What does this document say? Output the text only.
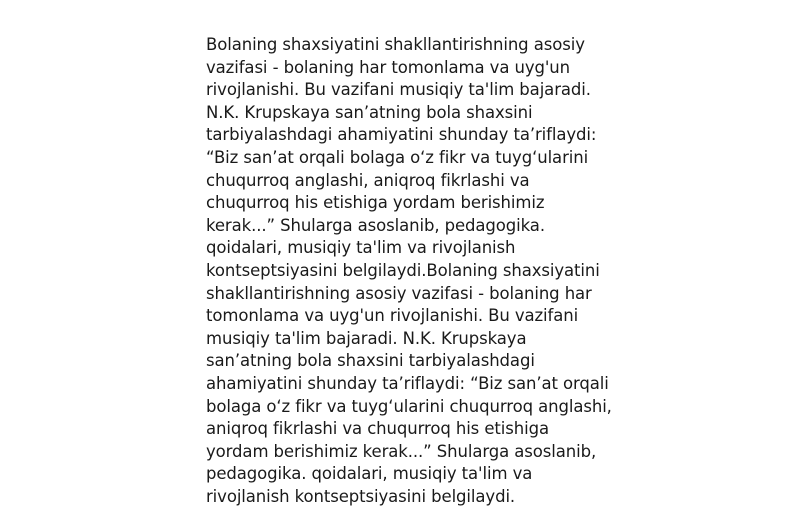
Bolaning shaxsiyatini shakllantirishning asosiy
vazifasi - bolaning har tomonlama va uyg'un
rivojlanishi. Bu vazifani musiqiy ta'lim bajaradi.
N.K. Krupskaya san’atning bola shaxsini
tarbiyalashdagi ahamiyatini shunday ta’riflaydi:
“Biz san’at orqali bolaga o‘z fikr va tuyg‘ularini
chuqurroq anglashi, aniqroq fikrlashi va
chuqurroq his etishiga yordam berishimiz
kerak...” Shularga asoslanib, pedagogika.
qoidalari, musiqiy ta'lim va rivojlanish
kontseptsiyasini belgilaydi.Bolaning shaxsiyatini
shakllantirishning asosiy vazifasi - bolaning har
tomonlama va uyg'un rivojlanishi. Bu vazifani
musiqiy ta'lim bajaradi. N.K. Krupskaya
san’atning bola shaxsini tarbiyalashdagi
ahamiyatini shunday ta’riflaydi: “Biz san’at orqali
bolaga o‘z fikr va tuyg‘ularini chuqurroq anglashi,
aniqroq fikrlashi va chuqurroq his etishiga
yordam berishimiz kerak...” Shularga asoslanib,
pedagogika. qoidalari, musiqiy ta'lim va
rivojlanish kontseptsiyasini belgilaydi.
